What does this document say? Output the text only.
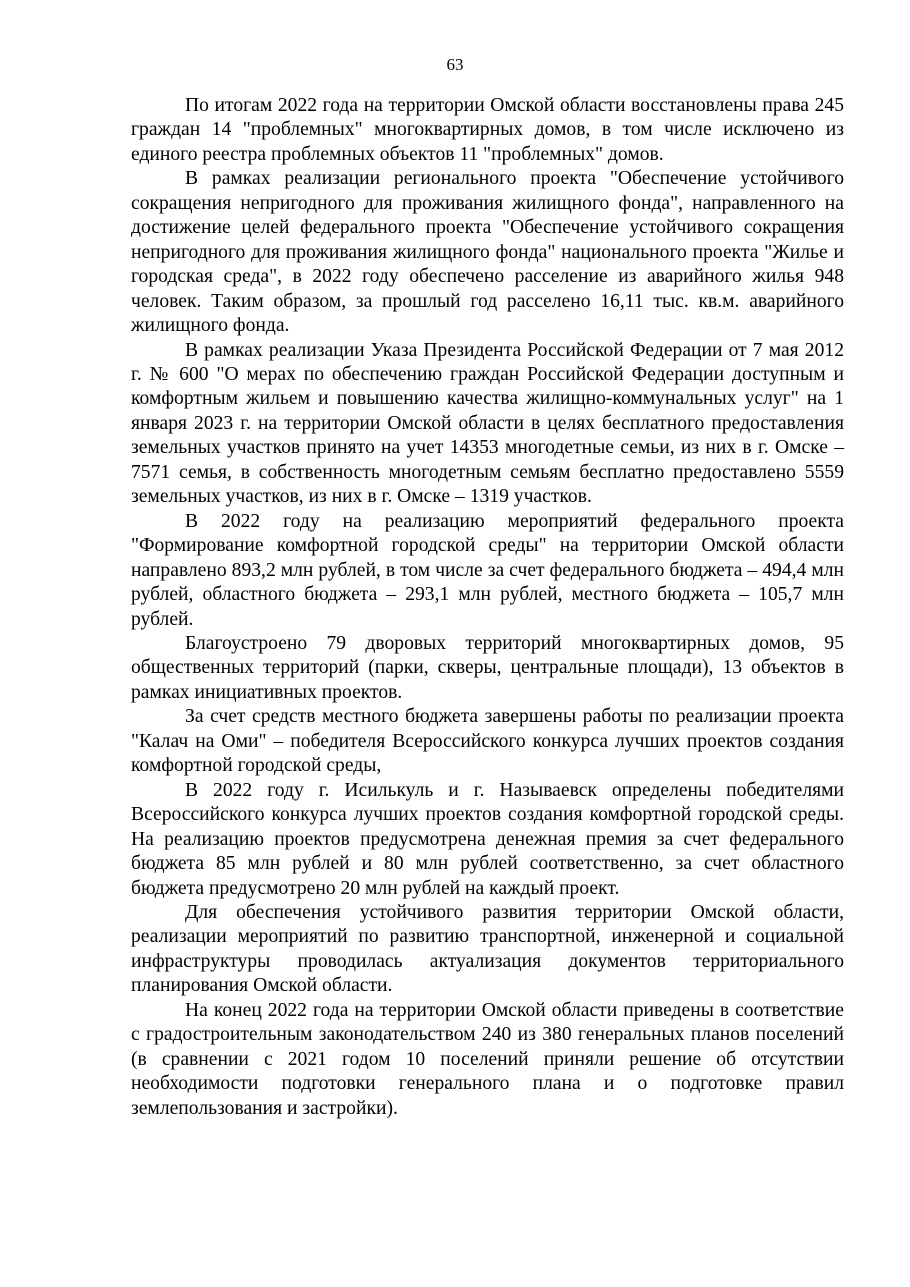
63

По итогам 2022 года на территории Омской области восстановлены права 245 граждан 14 "проблемных" многоквартирных домов, в том числе исключено из единого реестра проблемных объектов 11 "проблемных" домов.

В рамках реализации регионального проекта "Обеспечение устойчивого сокращения непригодного для проживания жилищного фонда", направленного на достижение целей федерального проекта "Обеспечение устойчивого сокращения непригодного для проживания жилищного фонда" национального проекта "Жилье и городская среда", в 2022 году обеспечено расселение из аварийного жилья 948 человек. Таким образом, за прошлый год расселено 16,11 тыс. кв.м. аварийного жилищного фонда.

В рамках реализации Указа Президента Российской Федерации от 7 мая 2012 г. № 600 "О мерах по обеспечению граждан Российской Федерации доступным и комфортным жильем и повышению качества жилищно-коммунальных услуг" на 1 января 2023 г. на территории Омской области в целях бесплатного предоставления земельных участков принято на учет 14353 многодетные семьи, из них в г. Омске – 7571 семья, в собственность многодетным семьям бесплатно предоставлено 5559 земельных участков, из них в г. Омске – 1319 участков.

В 2022 году на реализацию мероприятий федерального проекта "Формирование комфортной городской среды" на территории Омской области направлено 893,2 млн рублей, в том числе за счет федерального бюджета – 494,4 млн рублей, областного бюджета – 293,1 млн рублей, местного бюджета – 105,7 млн рублей.

Благоустроено 79 дворовых территорий многоквартирных домов, 95 общественных территорий (парки, скверы, центральные площади), 13 объектов в рамках инициативных проектов.

За счет средств местного бюджета завершены работы по реализации проекта "Калач на Оми" – победителя Всероссийского конкурса лучших проектов создания комфортной городской среды,

В 2022 году г. Исилькуль и г. Называевск определены победителями Всероссийского конкурса лучших проектов создания комфортной городской среды. На реализацию проектов предусмотрена денежная премия за счет федерального бюджета 85 млн рублей и 80 млн рублей соответственно, за счет областного бюджета предусмотрено 20 млн рублей на каждый проект.

Для обеспечения устойчивого развития территории Омской области, реализации мероприятий по развитию транспортной, инженерной и социальной инфраструктуры проводилась актуализация документов территориального планирования Омской области.

На конец 2022 года на территории Омской области приведены в соответствие с градостроительным законодательством 240 из 380 генеральных планов поселений (в сравнении с 2021 годом 10 поселений приняли решение об отсутствии необходимости подготовки генерального плана и о подготовке правил землепользования и застройки).
